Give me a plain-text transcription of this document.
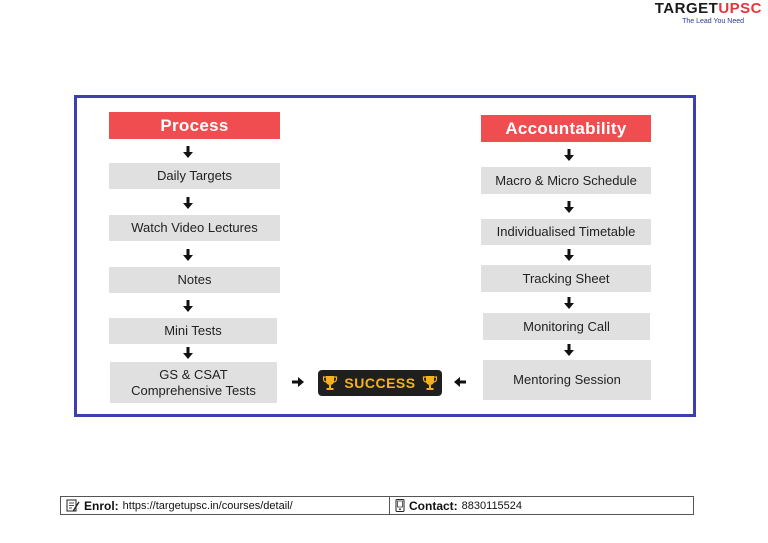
TARGETUPSC
The Lead You Need
Process
Daily Targets
Watch Video Lectures
Notes
Mini Tests
GS & CSAT Comprehensive Tests
Accountability
Macro & Micro Schedule
Individualised Timetable
Tracking Sheet
Monitoring Call
Mentoring Session
SUCCESS
Enrol: https://targetupsc.in/courses/detail/	Contact: 8830115524
